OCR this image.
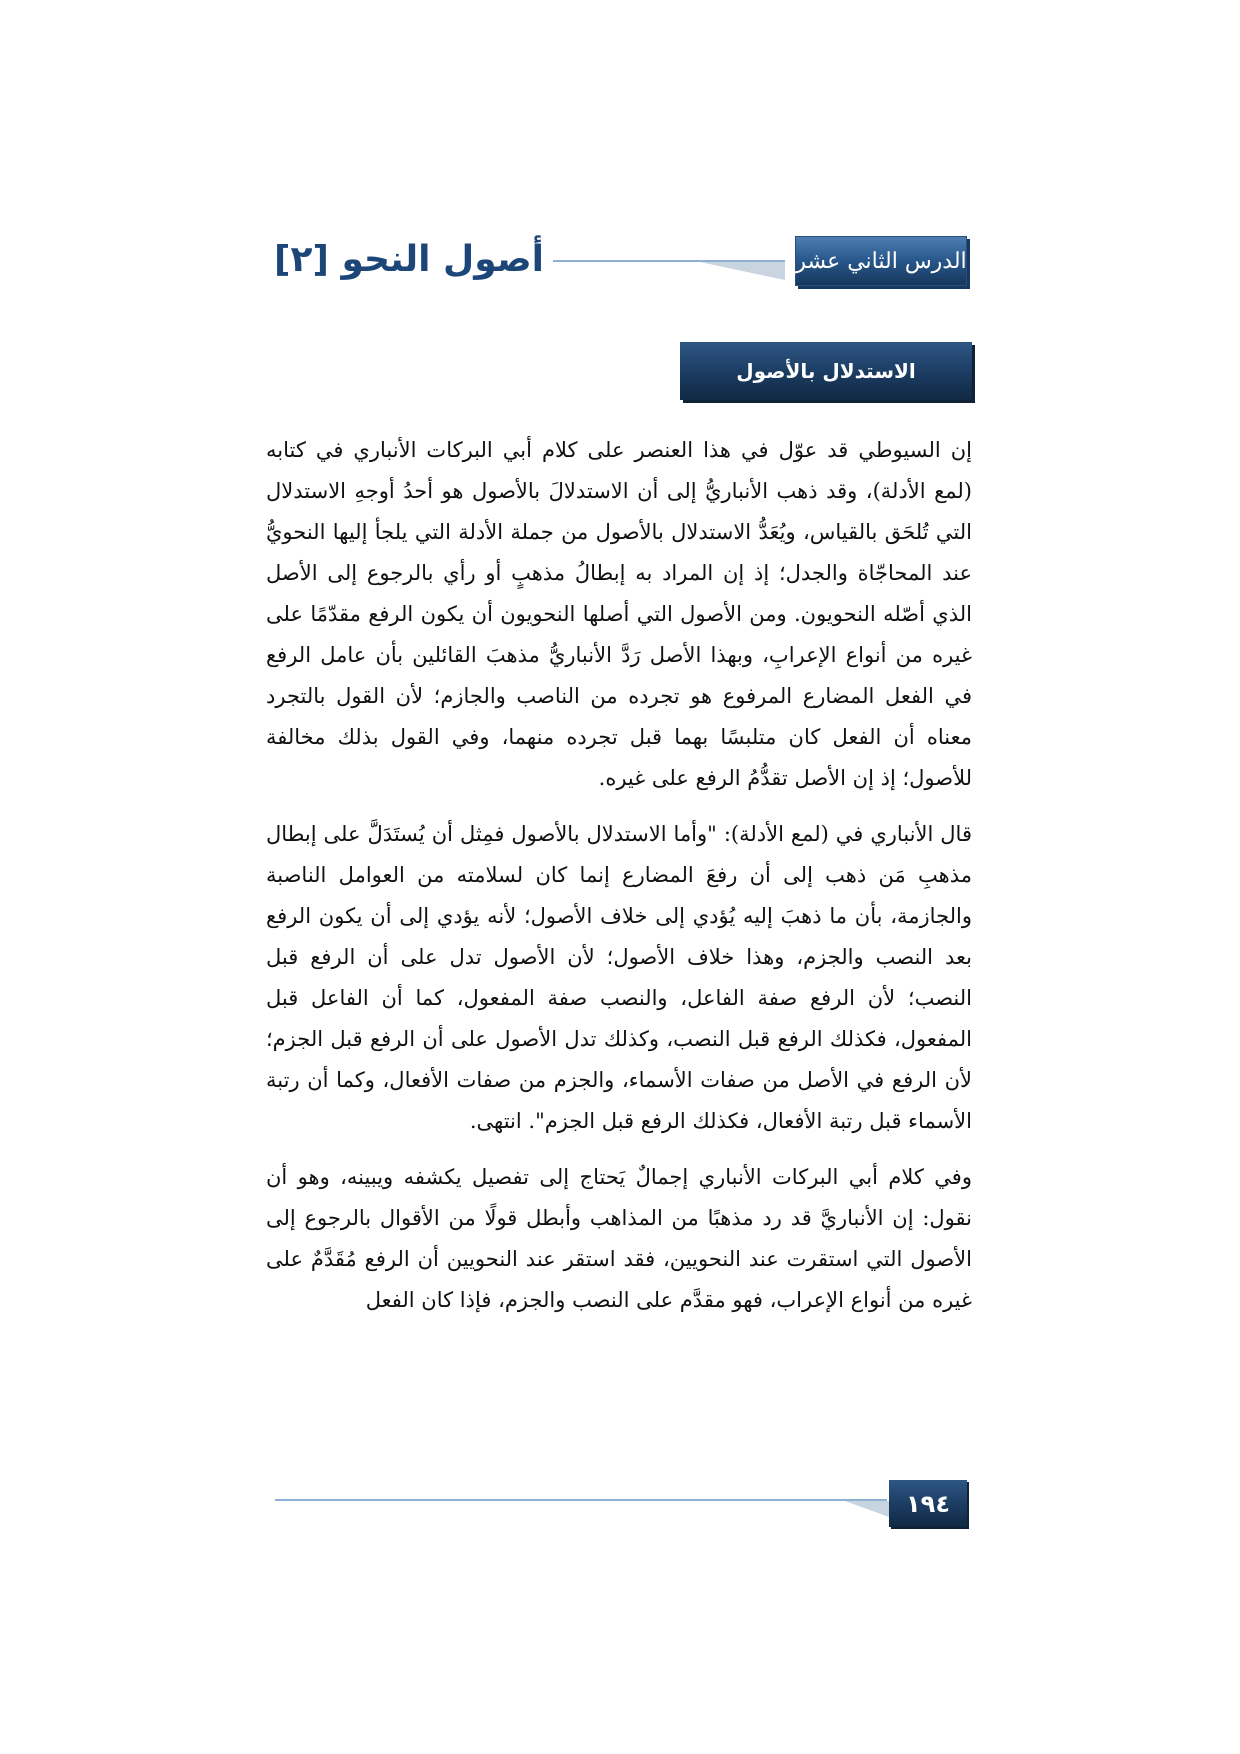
الدرس الثاني عشر
أصول النحو [٢]
الاستدلال بالأصول

إن السيوطي قد عوّل في هذا العنصر على كلام أبي البركات الأنباري في كتابه (لمع الأدلة)، وقد ذهب الأنباريُّ إلى أن الاستدلالَ بالأصول هو أحدُ أوجهِ الاستدلال التي تُلحَق بالقياس، ويُعَدُّ الاستدلال بالأصول من جملة الأدلة التي يلجأ إليها النحويُّ عند المحاجّاة والجدل؛ إذ إن المراد به إبطالُ مذهبٍ أو رأي بالرجوع إلى الأصل الذي أصّله النحويون. ومن الأصول التي أصلها النحويون أن يكون الرفع مقدّمًا على غيره من أنواع الإعرابِ، وبهذا الأصل رَدَّ الأنباريُّ مذهبَ القائلين بأن عامل الرفع في الفعل المضارع المرفوع هو تجرده من الناصب والجازم؛ لأن القول بالتجرد معناه أن الفعل كان متلبسًا بهما قبل تجرده منهما، وفي القول بذلك مخالفة للأصول؛ إذ إن الأصل تقدُّمُ الرفع على غيره.

قال الأنباري في (لمع الأدلة): "وأما الاستدلال بالأصول فمِثل أن يُستَدَلَّ على إبطال مذهبِ مَن ذهب إلى أن رفعَ المضارع إنما كان لسلامته من العوامل الناصبة والجازمة، بأن ما ذهبَ إليه يُؤدي إلى خلاف الأصول؛ لأنه يؤدي إلى أن يكون الرفع بعد النصب والجزم، وهذا خلاف الأصول؛ لأن الأصول تدل على أن الرفع قبل النصب؛ لأن الرفع صفة الفاعل، والنصب صفة المفعول، كما أن الفاعل قبل المفعول، فكذلك الرفع قبل النصب، وكذلك تدل الأصول على أن الرفع قبل الجزم؛ لأن الرفع في الأصل من صفات الأسماء، والجزم من صفات الأفعال، وكما أن رتبة الأسماء قبل رتبة الأفعال، فكذلك الرفع قبل الجزم". انتهى.

وفي كلام أبي البركات الأنباري إجمالٌ يَحتاج إلى تفصيل يكشفه ويبينه، وهو أن نقول: إن الأنباريَّ قد رد مذهبًا من المذاهب وأبطل قولًا من الأقوال بالرجوع إلى الأصول التي استقرت عند النحويين، فقد استقر عند النحويين أن الرفع مُقَدَّمٌ على غيره من أنواع الإعراب، فهو مقدَّم على النصب والجزم، فإذا كان الفعل

١٩٤
